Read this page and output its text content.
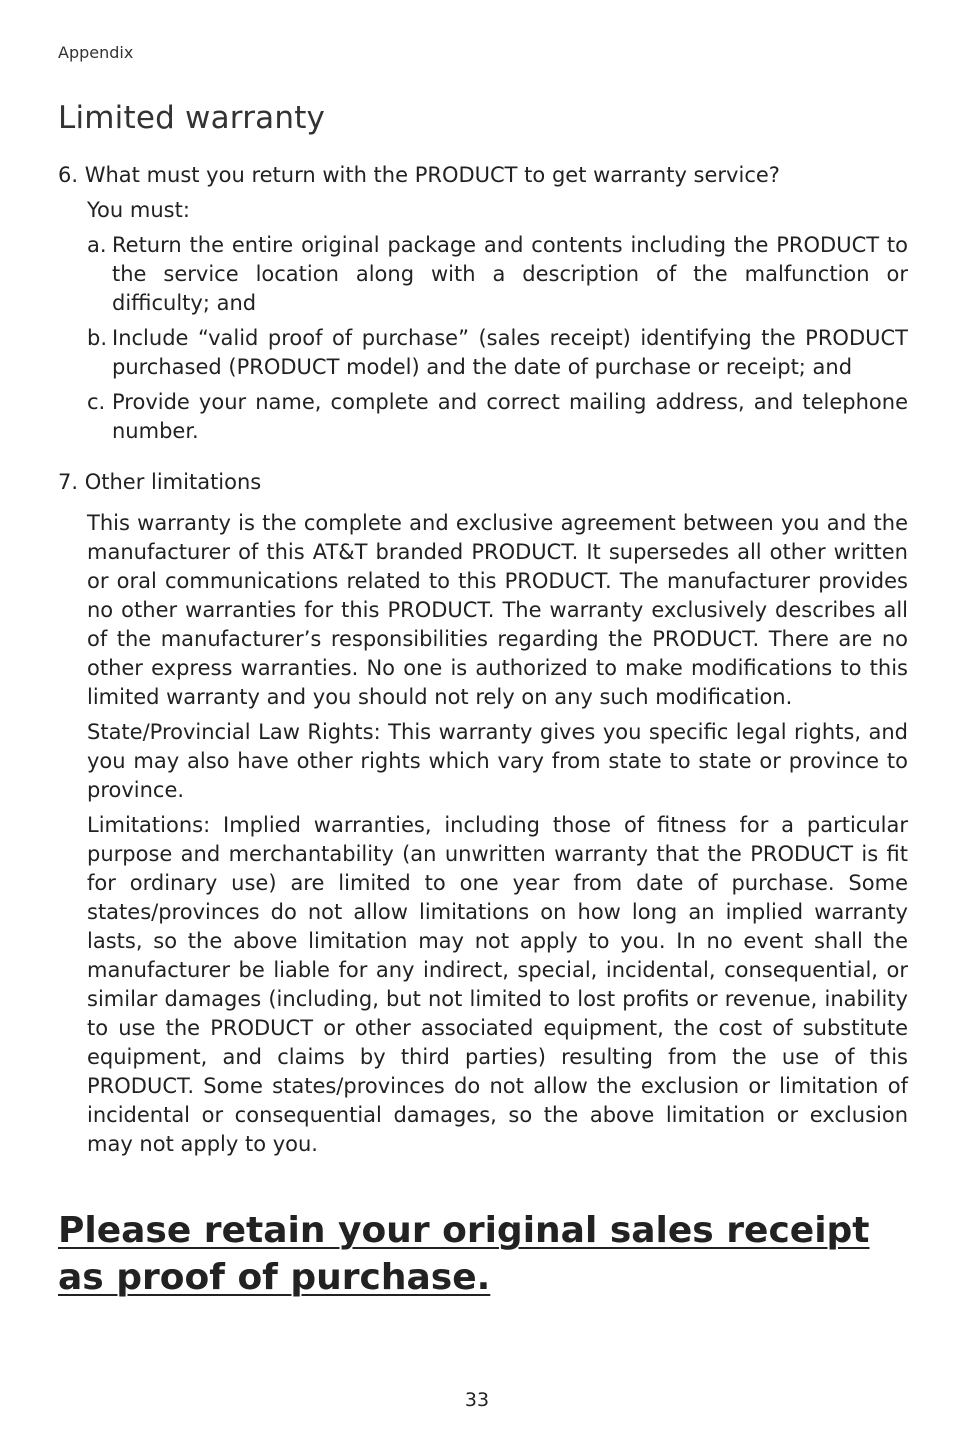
Appendix
Limited warranty
6. What must you return with the PRODUCT to get warranty service?
You must:
a. Return the entire original package and contents including the PRODUCT to the service location along with a description of the malfunction or difficulty; and
b. Include “valid proof of purchase” (sales receipt) identifying the PRODUCT purchased (PRODUCT model) and the date of purchase or receipt; and
c. Provide your name, complete and correct mailing address, and telephone number.
7. Other limitations

This warranty is the complete and exclusive agreement between you and the manufacturer of this AT&T branded PRODUCT. It supersedes all other written or oral communications related to this PRODUCT. The manufacturer provides no other warranties for this PRODUCT. The warranty exclusively describes all of the manufacturer’s responsibilities regarding the PRODUCT. There are no other express warranties. No one is authorized to make modifications to this limited warranty and you should not rely on any such modification.

State/Provincial Law Rights: This warranty gives you specific legal rights, and you may also have other rights which vary from state to state or province to province.

Limitations: Implied warranties, including those of fitness for a particular purpose and merchantability (an unwritten warranty that the PRODUCT is fit for ordinary use) are limited to one year from date of purchase. Some states/provinces do not allow limitations on how long an implied warranty lasts, so the above limitation may not apply to you. In no event shall the manufacturer be liable for any indirect, special, incidental, consequential, or similar damages (including, but not limited to lost profits or revenue, inability to use the PRODUCT or other associated equipment, the cost of substitute equipment, and claims by third parties) resulting from the use of this PRODUCT. Some states/provinces do not allow the exclusion or limitation of incidental or consequential damages, so the above limitation or exclusion may not apply to you.

Please retain your original sales receipt as proof of purchase.
33
